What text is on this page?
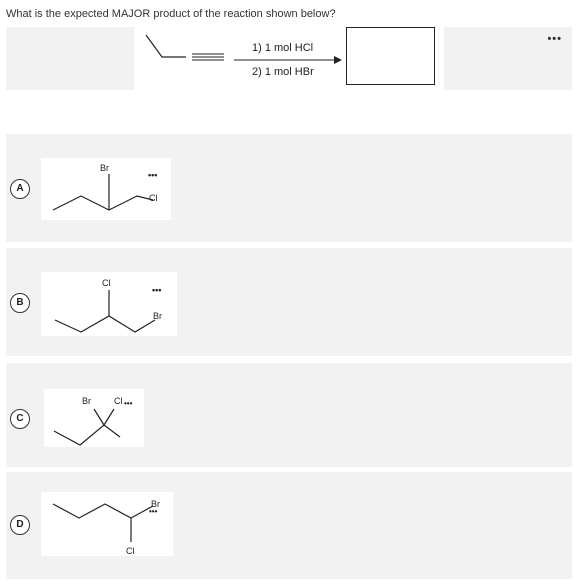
What is the expected MAJOR product of the reaction shown below?
1) 1 mol HCl
2) 1 mol HBr
•••
A
Br
Cl
•••
B
Cl
Br
•••
C
Br	Cl •••
D
Br
Cl
•••
